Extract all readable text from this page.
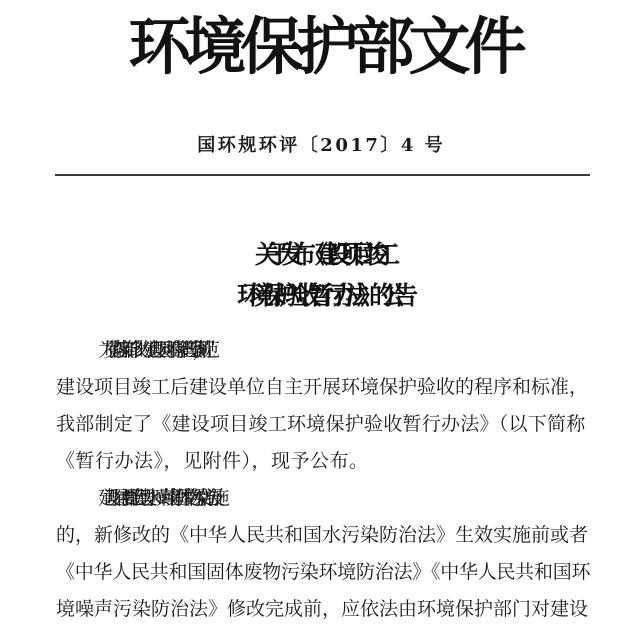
环境保护部文件
国环规环评〔2017〕4 号
关于发布《建设项目竣工
环境保护验收暂行办法》的公告

为贯彻落实新修改的《建设项目环境保护管理条例》，规范
建设项目竣工后建设单位自主开展环境保护验收的程序和标准，
我部制定了《建设项目竣工环境保护验收暂行办法》（以下简称
《暂行办法》，见附件），现予公布。

建设项目需要配套建设水、噪声或者固体废物污染防治设施
的，新修改的《中华人民共和国水污染防治法》生效实施前或者
《中华人民共和国固体废物污染环境防治法》《中华人民共和国环
境噪声污染防治法》修改完成前，应依法由环境保护部门对建设
